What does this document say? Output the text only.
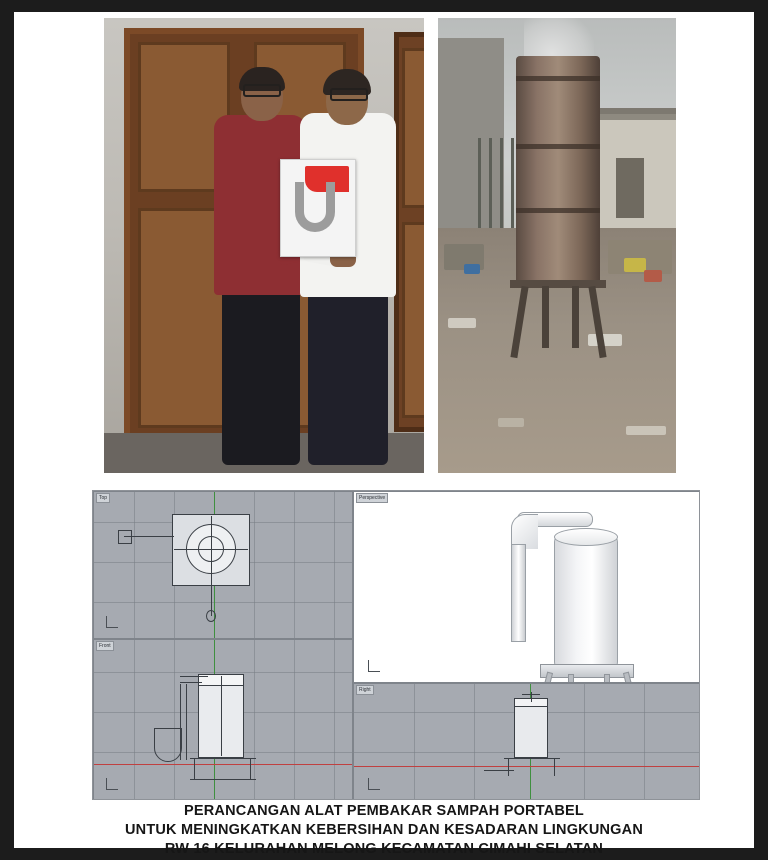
Top
Front
Perspective
Right
PERANCANGAN ALAT PEMBAKAR SAMPAH PORTABEL
UNTUK MENINGKATKAN KEBERSIHAN DAN KESADARAN LINGKUNGAN
RW 16 KELURAHAN MELONG KECAMATAN CIMAHI SELATAN
